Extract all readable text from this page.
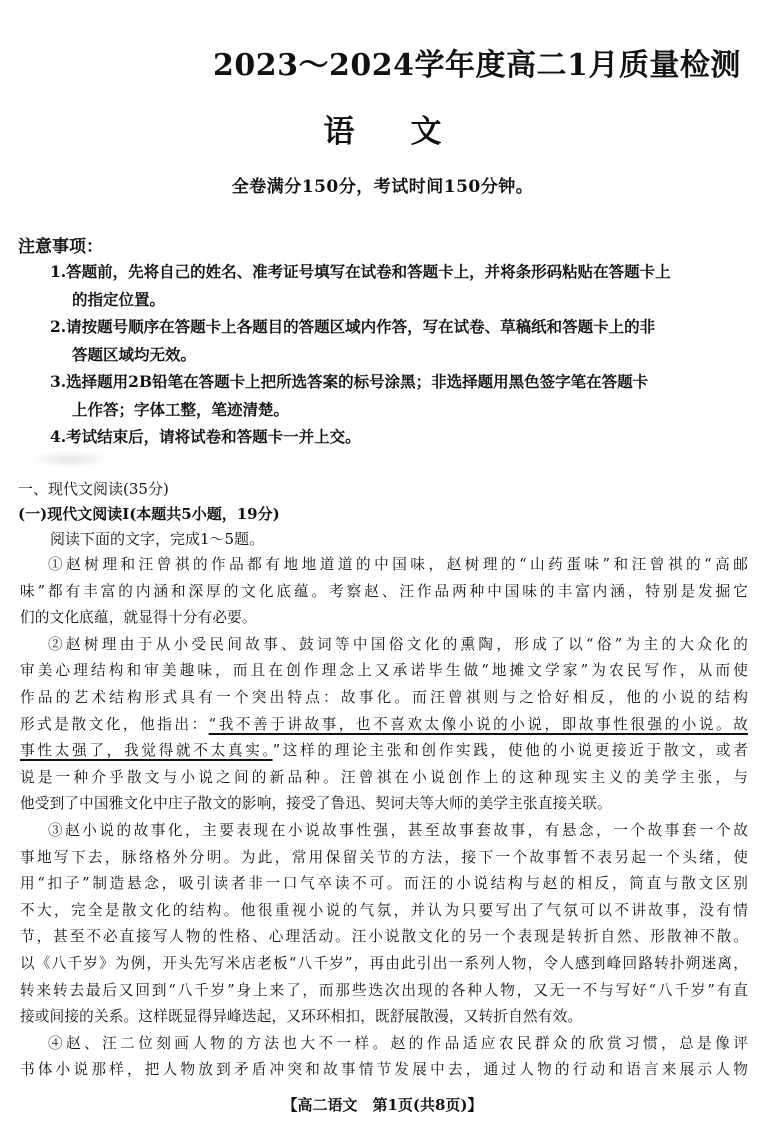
2023～2024学年度高二1月质量检测
语文
全卷满分150分，考试时间150分钟。
注意事项：
1.答题前，先将自己的姓名、准考证号填写在试卷和答题卡上，并将条形码粘贴在答题卡上
的指定位置。
2.请按题号顺序在答题卡上各题目的答题区域内作答，写在试卷、草稿纸和答题卡上的非
答题区域均无效。
3.选择题用2B铅笔在答题卡上把所选答案的标号涂黑；非选择题用黑色签字笔在答题卡
上作答；字体工整，笔迹清楚。
4.考试结束后，请将试卷和答题卡一并上交。
一、现代文阅读(35分)
(一)现代文阅读Ⅰ(本题共5小题，19分)
阅读下面的文字，完成1～5题。
①赵树理和汪曾祺的作品都有地地道道的中国味，赵树理的“山药蛋味”和汪曾祺的“高邮
味”都有丰富的内涵和深厚的文化底蕴。考察赵、汪作品两种中国味的丰富内涵，特别是发掘它
们的文化底蕴，就显得十分有必要。
②赵树理由于从小受民间故事、鼓词等中国俗文化的熏陶，形成了以“俗”为主的大众化的
审美心理结构和审美趣味，而且在创作理念上又承诺毕生做“地摊文学家”为农民写作，从而使
作品的艺术结构形式具有一个突出特点：故事化。而汪曾祺则与之恰好相反，他的小说的结构
形式是散文化，他指出：“我不善于讲故事，也不喜欢太像小说的小说，即故事性很强的小说。故
事性太强了，我觉得就不太真实。”这样的理论主张和创作实践，使他的小说更接近于散文，或者
说是一种介乎散文与小说之间的新品种。汪曾祺在小说创作上的这种现实主义的美学主张，与
他受到了中国雅文化中庄子散文的影响，接受了鲁迅、契诃夫等大师的美学主张直接关联。
③赵小说的故事化，主要表现在小说故事性强，甚至故事套故事，有悬念，一个故事套一个故
事地写下去，脉络格外分明。为此，常用保留关节的方法，接下一个故事暂不表另起一个头绪，使
用“扣子”制造悬念，吸引读者非一口气卒读不可。而汪的小说结构与赵的相反，简直与散文区别
不大，完全是散文化的结构。他很重视小说的气氛，并认为只要写出了气氛可以不讲故事，没有情
节，甚至不必直接写人物的性格、心理活动。汪小说散文化的另一个表现是转折自然、形散神不散。
以《八千岁》为例，开头先写米店老板“八千岁”，再由此引出一系列人物，令人感到峰回路转扑朔迷离，
转来转去最后又回到“八千岁”身上来了，而那些迭次出现的各种人物，又无一不与写好“八千岁”有直
接或间接的关系。这样既显得异峰迭起，又环环相扣，既舒展散漫，又转折自然有效。
④赵、汪二位刻画人物的方法也大不一样。赵的作品适应农民群众的欣赏习惯，总是像评
书体小说那样，把人物放到矛盾冲突和故事情节发展中去，通过人物的行动和语言来展示人物
【高二语文　第1页(共8页)】
